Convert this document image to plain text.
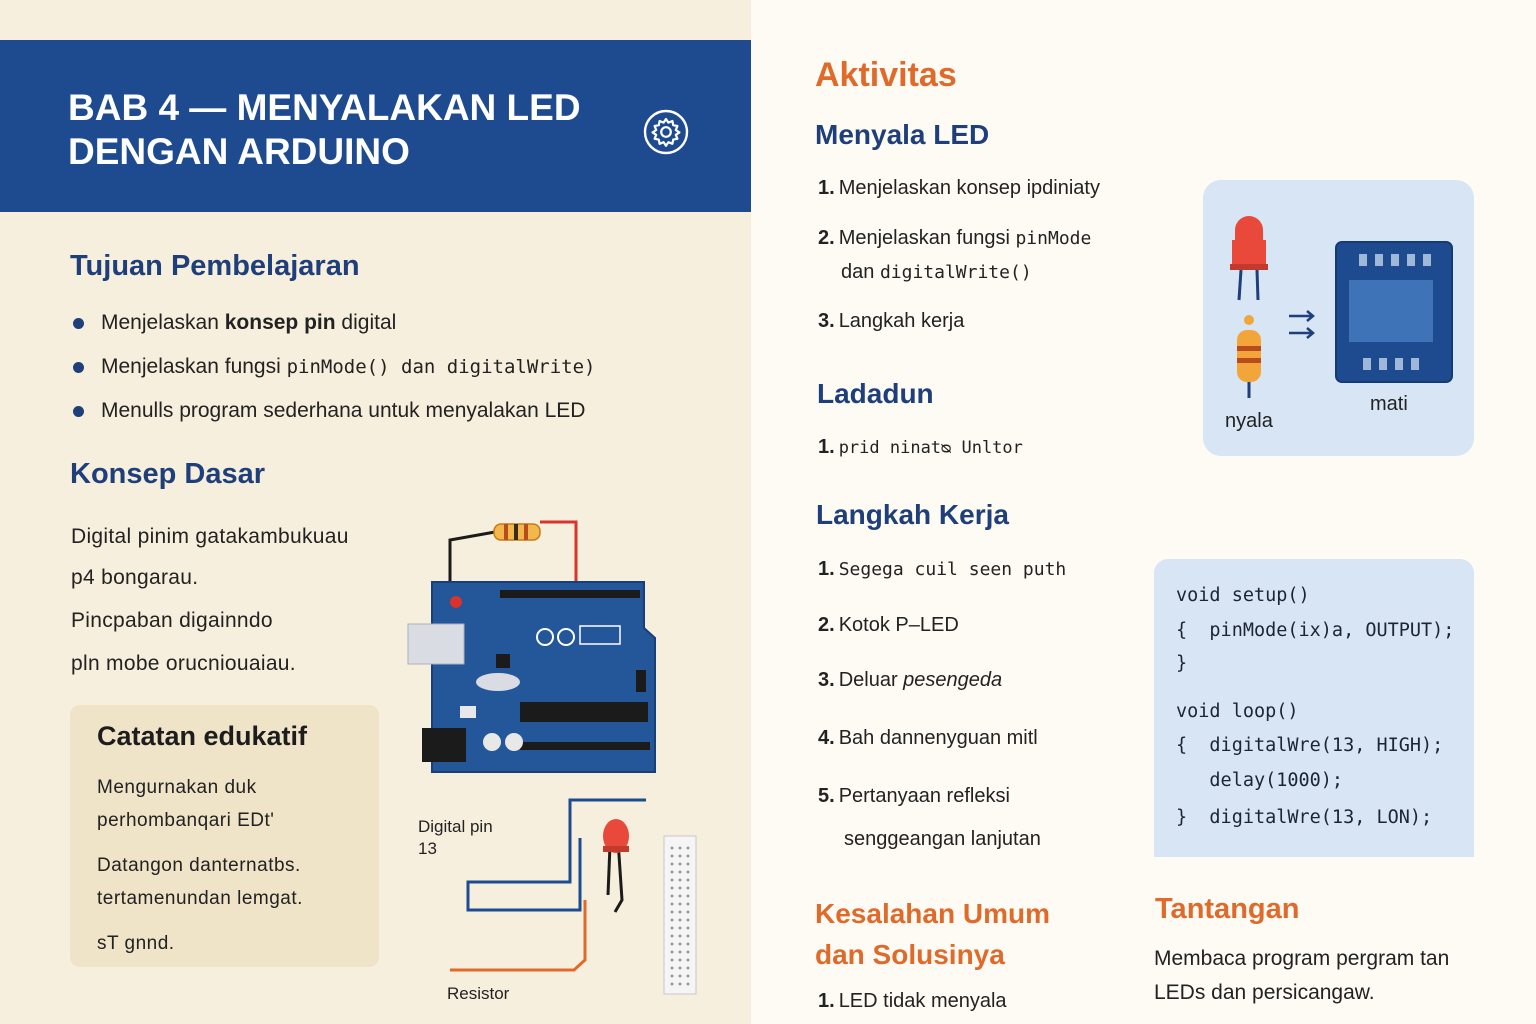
BAB 4 — MENYALAKAN LED
DENGAN ARDUINO
Tujuan Pembelajaran
Menjelaskan konsep pin digital
Menjelaskan fungsi pinMode() dan digitalWrite)
Menulls program sederhana untuk menyalakan LED
Konsep Dasar

Digital pinim gatakambukuau

p4 bongarau.

Pincpaban digainndo

pln mobe orucniouaiau.

Catatan edukatif

Mengurnakan duk

perhombanqari EDt'

Datangon danternatbs.

tertamenundan lemgat.

sT gnnd.

Digital pin
13
Resistor
Aktivitas
Menyala LED
1. Menjelaskan konsep ipdiniaty
2. Menjelaskan fungsi pinMode
dan digitalWrite()
3. Langkah kerja
Ladadun
1. prid ninatᴓ Unltor
nyala
mati
Langkah Kerja
1. Segega cuil seen puth
2. Kotok P–LED
3. Deluar pesengeda
4. Bah dannenyguan mitl
5. Pertanyaan refleksi
senggeangan lanjutan
void setup()
{  pinMode(ix)a, OUTPUT);
}
void loop()
{  digitalWre(13, HIGH);
delay(1000);
}  digitalWre(13, LON);
Kesalahan Umum
dan Solusinya
1. LED tidak menyala
Tantangan
Membaca program pergram tan LEDs dan persicangaw.
